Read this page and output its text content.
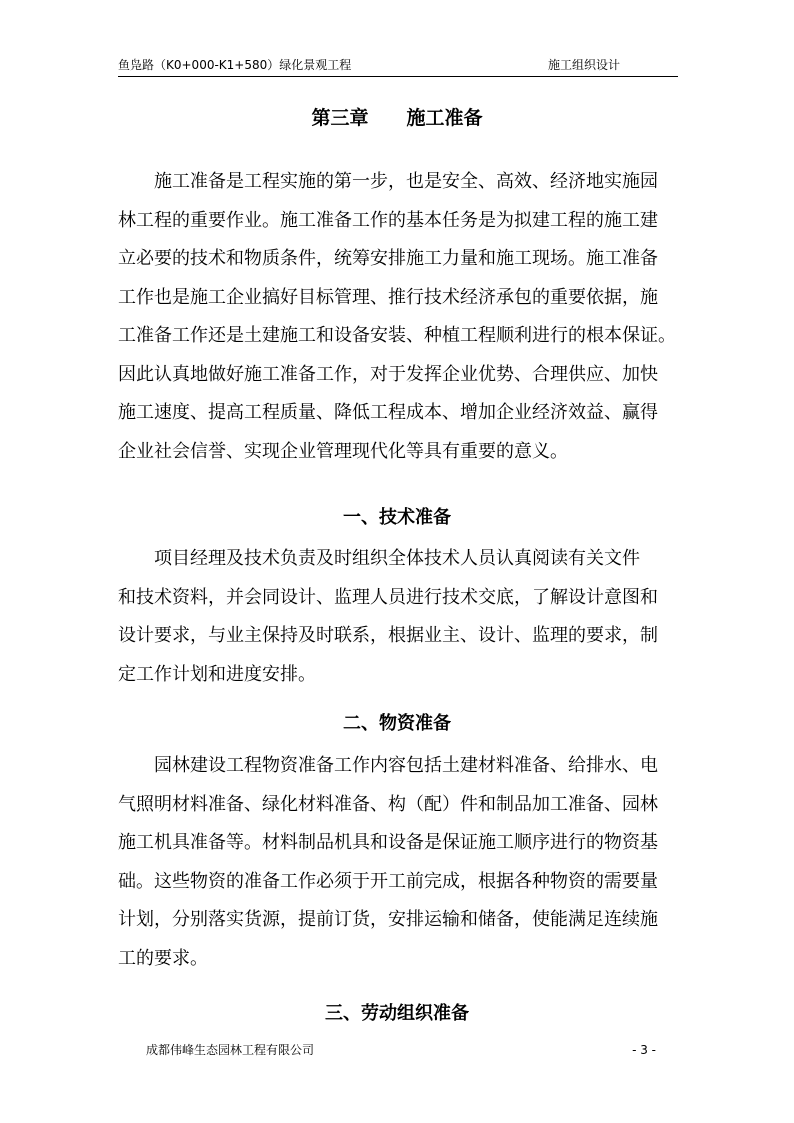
鱼凫路（K0+000-K1+580）绿化景观工程	施工组织设计
第三章　　施工准备
施工准备是工程实施的第一步，也是安全、高效、经济地实施园
林工程的重要作业。施工准备工作的基本任务是为拟建工程的施工建
立必要的技术和物质条件，统筹安排施工力量和施工现场。施工准备
工作也是施工企业搞好目标管理、推行技术经济承包的重要依据，施
工准备工作还是土建施工和设备安装、种植工程顺利进行的根本保证。
因此认真地做好施工准备工作，对于发挥企业优势、合理供应、加快
施工速度、提高工程质量、降低工程成本、增加企业经济效益、赢得
企业社会信誉、实现企业管理现代化等具有重要的意义。
一、技术准备
项目经理及技术负责及时组织全体技术人员认真阅读有关文件
和技术资料，并会同设计、监理人员进行技术交底，了解设计意图和
设计要求，与业主保持及时联系，根据业主、设计、监理的要求，制
定工作计划和进度安排。
二、物资准备
园林建设工程物资准备工作内容包括土建材料准备、给排水、电
气照明材料准备、绿化材料准备、构（配）件和制品加工准备、园林
施工机具准备等。材料制品机具和设备是保证施工顺序进行的物资基
础。这些物资的准备工作必须于开工前完成，根据各种物资的需要量
计划，分别落实货源，提前订货，安排运输和储备，使能满足连续施
工的要求。
三、劳动组织准备
成都伟峰生态园林工程有限公司	- 3 -
